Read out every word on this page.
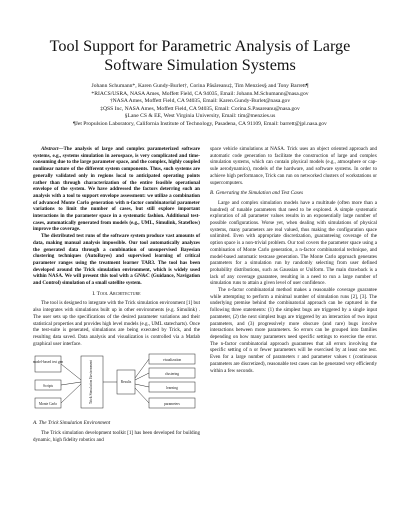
Tool Support for Parametric Analysis of Large
Software Simulation Systems
Johann Schumann*, Karen Gundy-Burlet†, Corina Păsăreanu‡, Tim Menzies§ and Tony Barrett¶
*RIACS/USRA, NASA Ames, Moffett Field, CA 94035, Email: Johann.M.Schumann@nasa.gov
†NASA Ames, Moffett Field, CA 94035, Email: Karen.Gundy-Burlet@nasa.gov
‡QSS Inc, NASA Ames, Moffett Field, CA 94035, Email: Corina.S.Pasareanu@nasa.gov
§Lane CS & EE, West Virginia University, Email: tim@menzies.us
¶Jet Propulsion Laboratory, California Institute of Technology, Pasadena, CA 91109, Email: barrett@jpl.nasa.gov

Abstract—The analysis of large and complex parameterized software systems, e.g., systems simulation in aerospace, is very complicated and time-consuming due to the large parameter space, and the complex, highly coupled nonlinear nature of the different system components. Thus, such systems are generally validated only in regions local to anticipated operating points rather than through characterization of the entire feasible operational envelope of the system. We have addressed the factors deterring such an analysis with a tool to support envelope assessment: we utilize a combination of advanced Monte Carlo generation with n-factor combinatorial parameter variations to limit the number of cases, but still explore important interactions in the parameter space in a systematic fashion. Additional test-cases, automatically generated from models (e.g., UML, Simulink, Stateflow) improve the coverage.

The distributed test runs of the software system produce vast amounts of data, making manual analysis impossible. Our tool automatically analyzes the generated data through a combination of unsupervised Bayesian clustering techniques (AutoBayes) and supervised learning of critical parameter ranges using the treatment learner TAR3. The tool has been developed around the Trick simulation environment, which is widely used within NASA. We will present this tool with a GN&C (Guidance, Navigation and Control) simulation of a small satellite system.

I. Tool Architecture

The tool is designed to integrate with the Trick simulation environment [1] but also integrates with simulations built up in other environments (e.g. Simulink) . The user sets up the specifications of the desired parameter variations and their statistical properties and provides high level models (e.g., UML statecharts). Once the test-suite is generated, simulations are being executed by Trick, and the resulting data saved. Data analysis and visualization is controlled via a Matlab graphical user interface.

model-based test gen
Scripts
Monte Carlo	Trick Simulation Environment	Results
visualization
clustering
learning
parameters
A. The Trick Simulation Environment

The Trick simulation development toolkit [1] has been developed for building dynamic, high fidelity robotics and

space vehicle simulations at NASA. Trick uses an object oriented approach and automatic code generation to facilitate the construction of large and complex simulation systems, which can contain physical models (e.g., atmosphere or cap-sule aerodynamics), models of the hardware, and software systems. In order to achieve high performance, Trick can run on networked clusters of workstations or supercomputers.

B. Generating the Simulation and Test Cases

Large and complex simulation models have a multitude (often more than a hundred) of tunable parameters that need to be explored. A simple systematic exploration of all parameter values results in an exponentially large number of possible configurations. Worse yet, when dealing with simulations of physical systems, many parameters are real valued, thus making the configuration space unlimited. Even with appropriate discretization, guaranteeing coverage of the option space is a non-trivial problem. Our tool covers the parameter space using a combination of Monte Carlo generation, a n-factor combinatorial technique, and model-based automatic testcase generation. The Monte Carlo approach generates parameters for a simulation run by randomly selecting from user defined probability distributions, such as Gaussian or Uniform. The main drawback is a lack of any coverage guarantee, resulting in a need to run a large number of simulation runs to attain a given level of user confidence.

The n-factor combinatorial method makes a reasonable coverage guarantee while attempting to perform a minimal number of simulation runs [2], [3]. The underlying premise behind the combinatorial approach can be captured in the following three statements: (1) the simplest bugs are triggered by a single input parameter, (2) the next simplest bugs are triggered by an interaction of two input parameters, and (3) progressively more obscure (and rare) bugs involve interactions between more parameters. So errors can be grouped into families depending on how many parameters need specific settings to exercise the error. The n-factor combinatorial approach guarantees that all errors involving the specific setting of n or fewer parameters will be exercised by at least one test. Even for a large number of parameters r and parameter values t (continuous parameters are discretized), reasonable test cases can be generated very efficiently within a few seconds.
